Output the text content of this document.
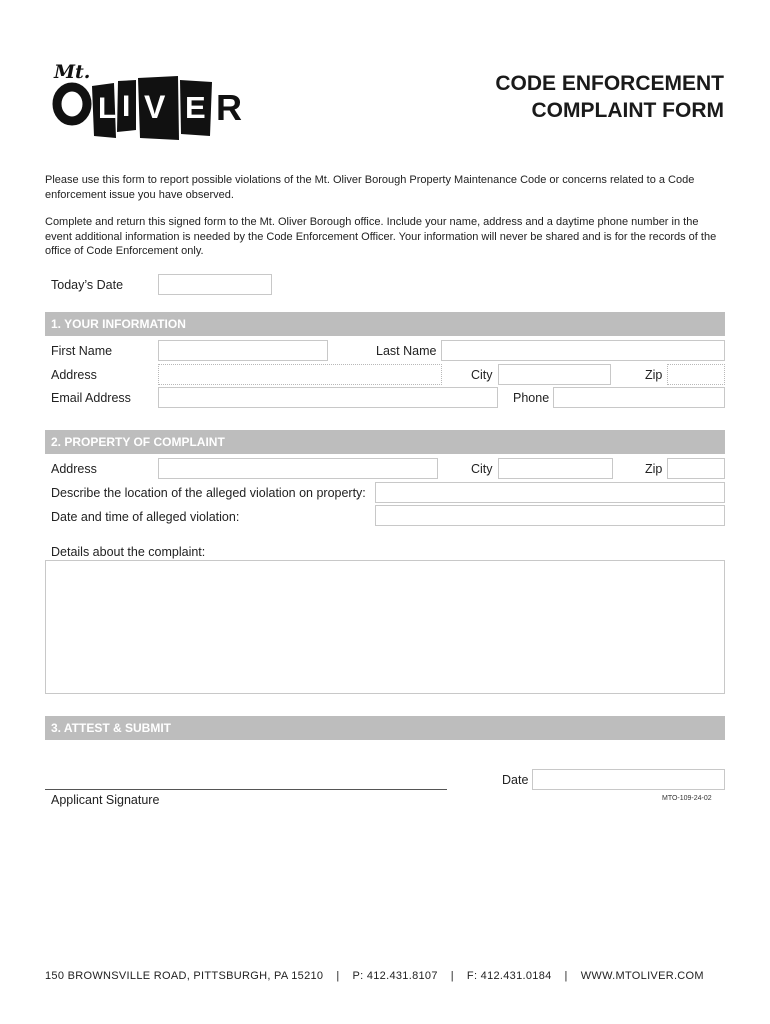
Mt.
L I V E R
CODE ENFORCEMENT
COMPLAINT FORM
Please use this form to report possible violations of the Mt. Oliver Borough Property Maintenance Code or concerns related to a Code enforcement issue you have observed.
Complete and return this signed form to the Mt. Oliver Borough office. Include your name, address and a daytime phone number in the event additional information is needed by the Code Enforcement Officer. Your information will never be shared and is for the records of the office of Code Enforcement only.
Today’s Date
1. YOUR INFORMATION
First Name	Last Name
Address	City	Zip
Email Address	Phone
2. PROPERTY OF COMPLAINT
Address	City	Zip
Describe the location of the alleged violation on property:
Date and time of alleged violation:
Details about the complaint:
3. ATTEST & SUBMIT
Date
Applicant Signature	MTO-109-24-02
150 BROWNSVILLE ROAD, PITTSBURGH, PA 15210 | P: 412.431.8107 | F: 412.431.0184 | WWW.MTOLIVER.COM
